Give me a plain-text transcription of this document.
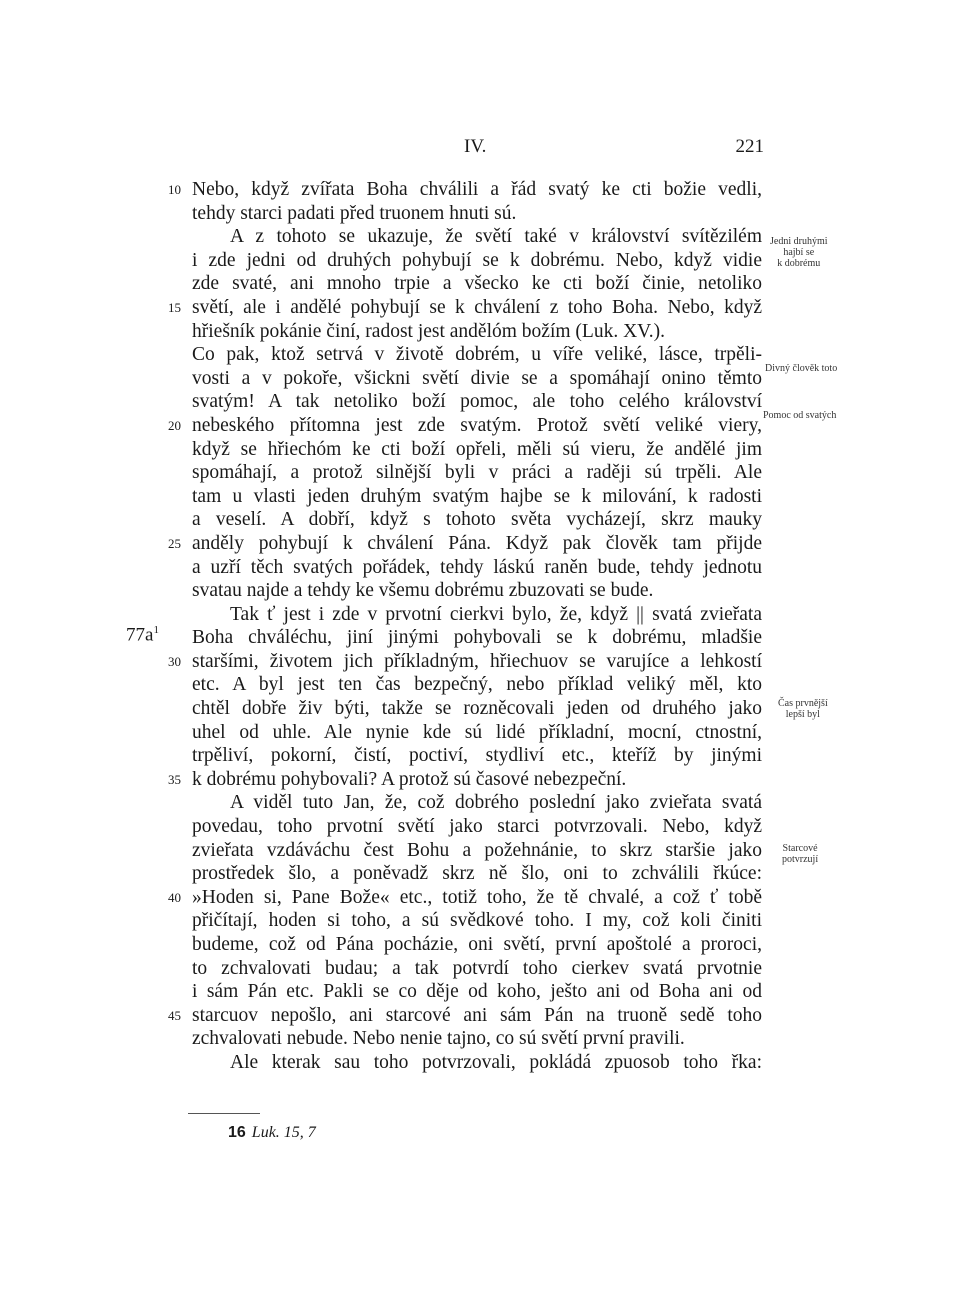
IV.	221
$77a^1$
10 Nebo, když zvířata Boha chválili a řád svatý ke cti božie vedli,
tehdy starci padati před truonem hnuti sú.
A z tohoto se ukazuje, že světí také v království svítězilém
i zde jedni od druhých pohybují se k dobrému. Nebo, když vidie
zde svaté, ani mnoho trpie a všecko ke cti boží činie, netoliko
15 světí, ale i andělé pohybují se k chválení z toho Boha. Nebo, když
hřiešník pokánie činí, radost jest andělóm božím (Luk. XV.).
Co pak, ktož setrvá v životě dobrém, u víře veliké, lásce, trpěli-
vosti a v pokoře, všickni světí divie se a spomáhají onino těmto
svatým! A tak netoliko boží pomoc, ale toho celého království
20 nebeského přítomna jest zde svatým. Protož světí veliké viery,
když se hřiechóm ke cti boží opřeli, měli sú vieru, že andělé jim
spomáhají, a protož silnější byli v práci a raději sú trpěli. Ale
tam u vlasti jeden druhým svatým hajbe se k milování, k radosti
a veselí. A dobří, když s tohoto světa vycházejí, skrz mauky
25 anděly pohybují k chválení Pána. Když pak člověk tam přijde
a uzří těch svatých pořádek, tehdy láskú raněn bude, tehdy jednotu
svatau najde a tehdy ke všemu dobrému zbuzovati se bude.
Tak ť jest i zde v prvotní cierkvi bylo, že, když || svatá zvieřata
Boha chváléchu, jiní jinými pohybovali se k dobrému, mladšie
30 staršími, životem jich příkladným, hřiechuov se varujíce a lehkostí
etc. A byl jest ten čas bezpečný, nebo příklad veliký měl, kto
chtěl dobře živ býti, takže se rozněcovali jeden od druhého jako
uhel od uhle. Ale nynie kde sú lidé příkladní, mocní, ctnostní,
trpěliví, pokorní, čistí, poctiví, stydliví etc., kteříž by jinými
35 k dobrému pohybovali? A protož sú časové nebezpeční.
A viděl tuto Jan, že, což dobrého poslední jako zvieřata svatá
povedau, toho prvotní světí jako starci potvrzovali. Nebo, když
zvieřata vzdáváchu čest Bohu a požehnánie, to skrz staršie jako
prostředek šlo, a poněvadž skrz ně šlo, oni to zchválili řkúce:
40 »Hoden si, Pane Bože« etc., totiž toho, že tě chvalé, a což ť tobě
přičítají, hoden si toho, a sú svědkové toho. I my, což koli činiti
budeme, což od Pána pocházie, oni světí, první apoštolé a proroci,
to zchvalovati budau; a tak potvrdí toho cierkev svatá prvotnie
i sám Pán etc. Pakli se co děje od koho, ješto ani od Boha ani od
45 starcuov nepošlo, ani starcové ani sám Pán na truoně sedě toho
zchvalovati nebude. Nebo nenie tajno, co sú světí první pravili.
Ale kterak sau toho potvrzovali, pokládá zpuosob toho řka:
Jedni druhými
hajbí se
k dobrému
Divný člověk toto
Pomoc od svatých
Čas prvnější
lepší byl
Starcové
potvrzují
16 Luk. 15, 7
